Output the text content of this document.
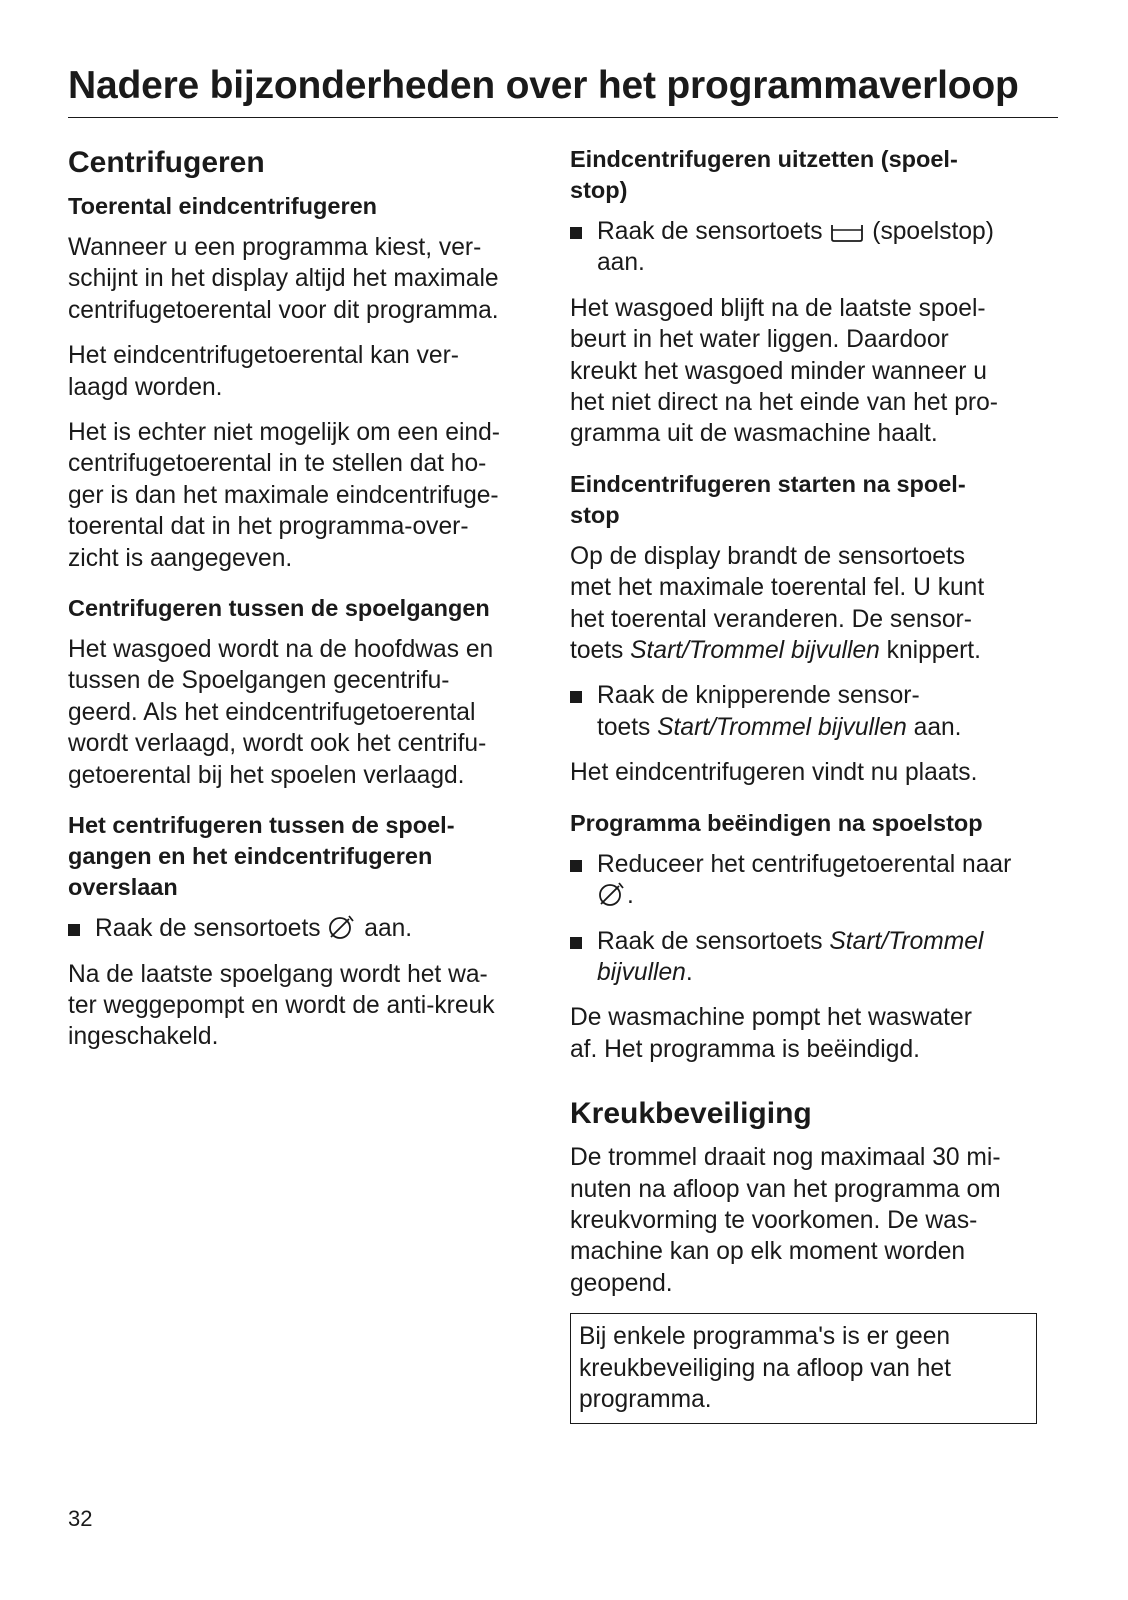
Nadere bijzonderheden over het programmaverloop
Centrifugeren
Toerental eindcentrifugeren

Wanneer u een programma kiest, ver-
schijnt in het display altijd het maximale
centrifugetoerental voor dit programma.

Het eindcentrifugetoerental kan ver-
laagd worden.

Het is echter niet mogelijk om een eind-
centrifugetoerental in te stellen dat ho-
ger is dan het maximale eindcentrifuge-
toerental dat in het programma-over-
zicht is aangegeven.

Centrifugeren tussen de spoelgangen

Het wasgoed wordt na de hoofdwas en
tussen de Spoelgangen gecentrifu-
geerd. Als het eindcentrifugetoerental
wordt verlaagd, wordt ook het centrifu-
getoerental bij het spoelen verlaagd.

Het centrifugeren tussen de spoel-
gangen en het eindcentrifugeren
overslaan
Raak de sensortoets aan.

Na de laatste spoelgang wordt het wa-
ter weggepompt en wordt de anti-kreuk
ingeschakeld.

Eindcentrifugeren uitzetten (spoel-
stop)
Raak de sensortoets (spoelstop)
aan.

Het wasgoed blijft na de laatste spoel-
beurt in het water liggen. Daardoor
kreukt het wasgoed minder wanneer u
het niet direct na het einde van het pro-
gramma uit de wasmachine haalt.

Eindcentrifugeren starten na spoel-
stop

Op de display brandt de sensortoets
met het maximale toerental fel. U kunt
het toerental veranderen. De sensor-
toets Start/Trommel bijvullen knippert.

Raak de knipperende sensor-
toets Start/Trommel bijvullen aan.

Het eindcentrifugeren vindt nu plaats.

Programma beëindigen na spoelstop
Reduceer het centrifugetoerental naar
.
Raak de sensortoets Start/Trommel
bijvullen.

De wasmachine pompt het waswater
af. Het programma is beëindigd.

Kreukbeveiliging

De trommel draait nog maximaal 30 mi-
nuten na afloop van het programma om
kreukvorming te voorkomen. De was-
machine kan op elk moment worden
geopend.

Bij enkele programma's is er geen
kreukbeveiliging na afloop van het
programma.
32
